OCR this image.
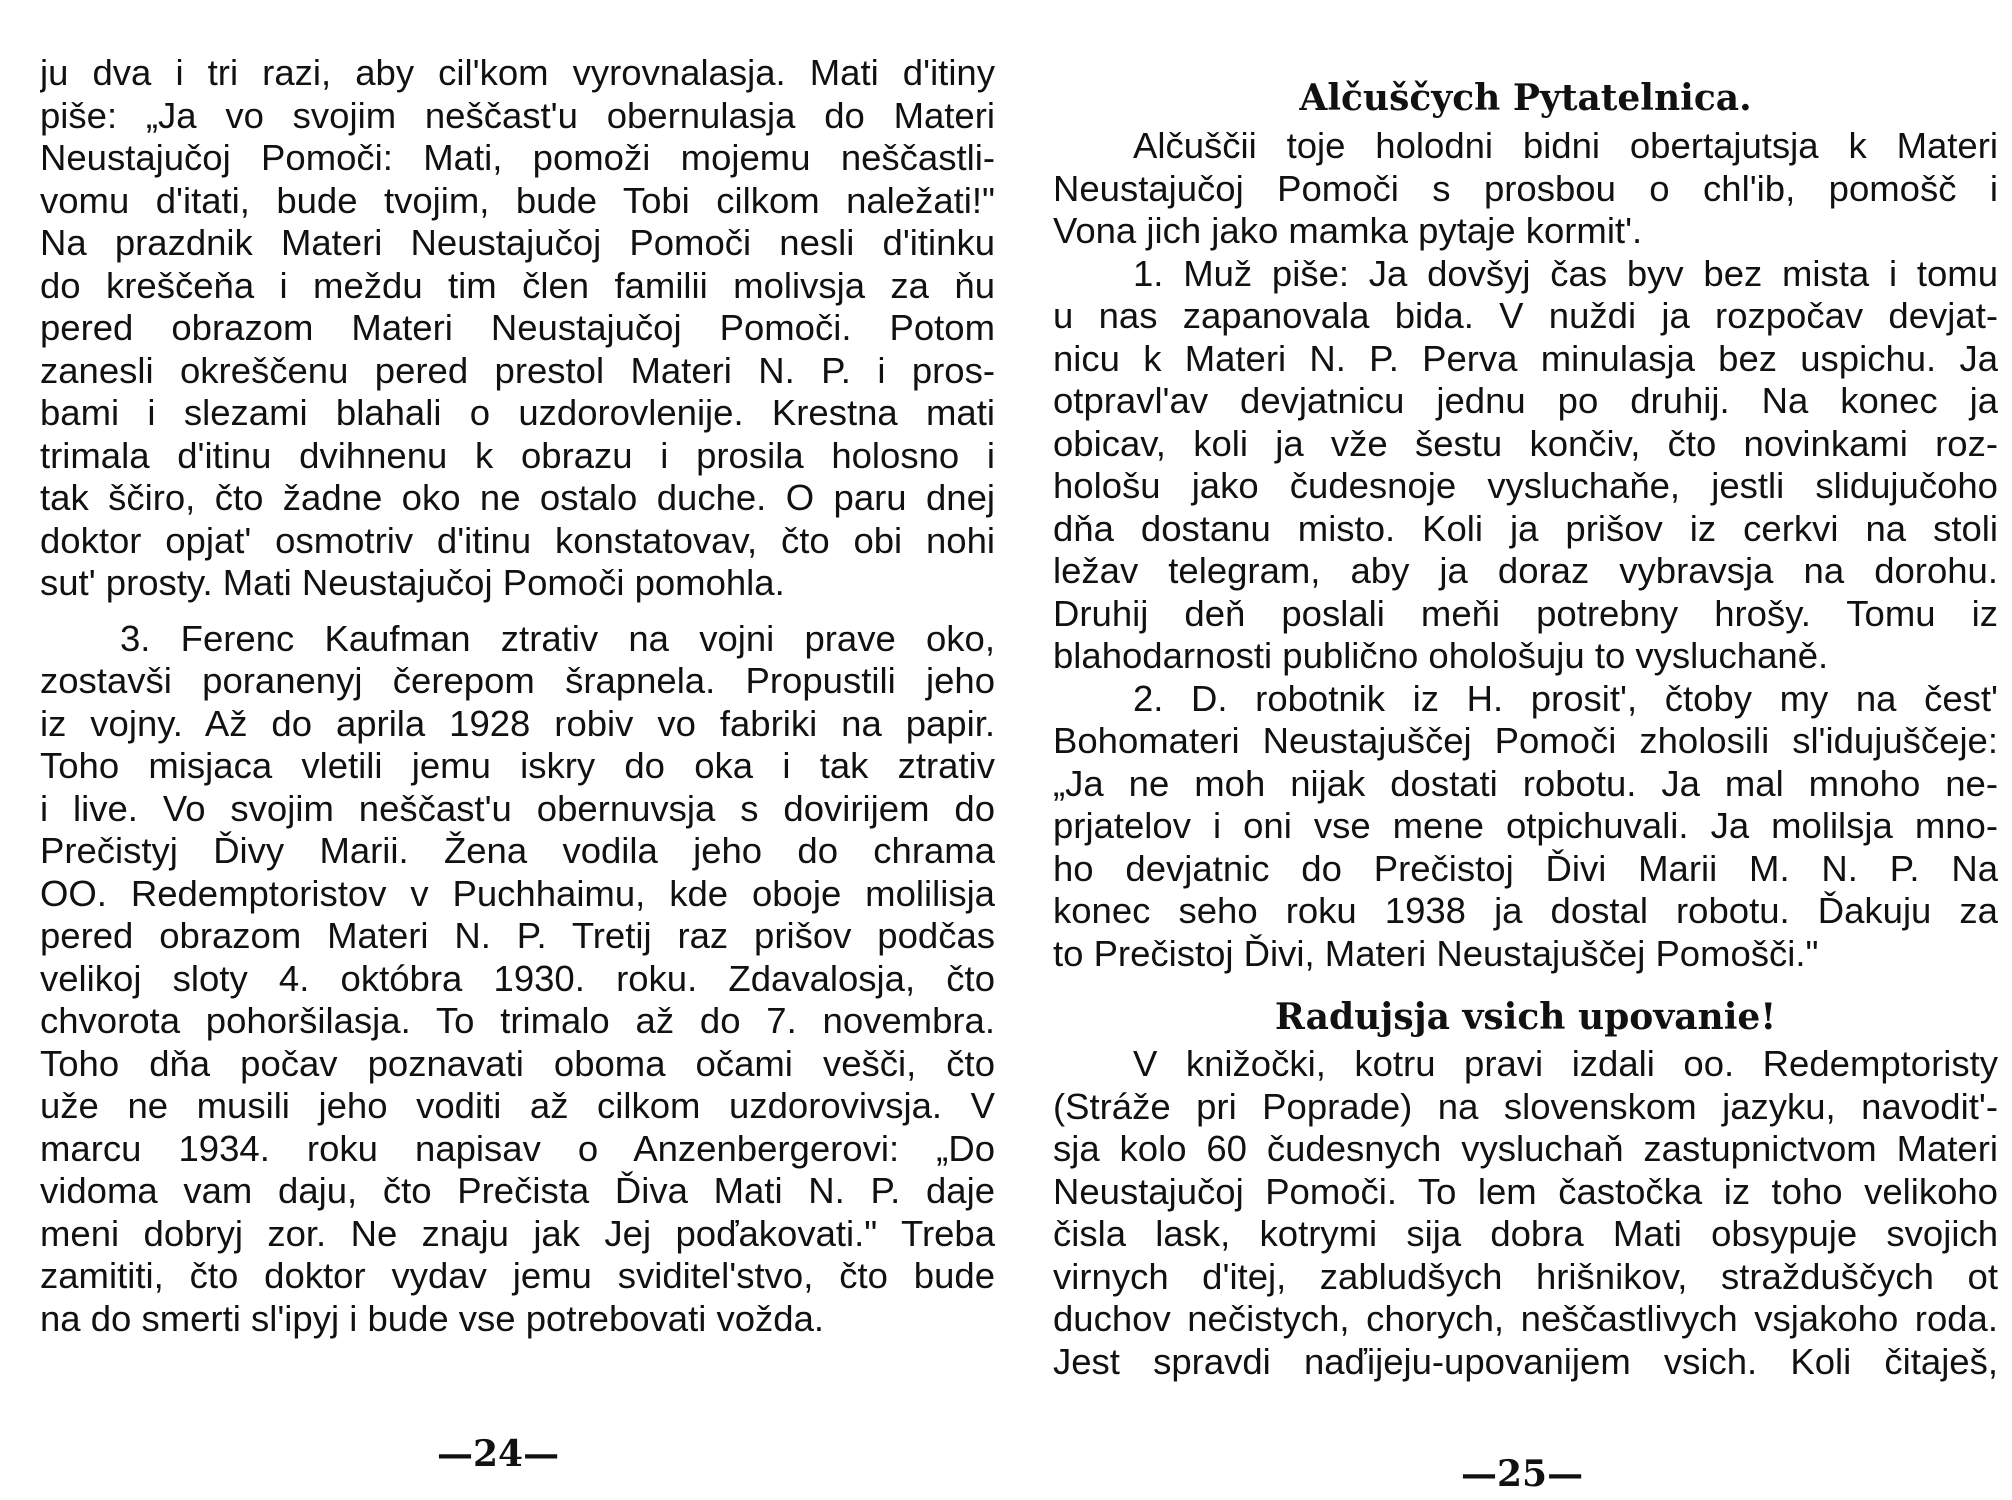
ju dva i tri razi, aby cil'kom vyrovnalasja. Mati d'itiny
piše: „Ja vo svojim neščast'u obernulasja do Materi
Neustajučoj Pomoči: Mati, pomoži mojemu neščastli-
vomu d'itati, bude tvojim, bude Tobi cilkom naležati!"
Na prazdnik Materi Neustajučoj Pomoči nesli d'itinku
do kreščeňa i meždu tim člen familii molivsja za ňu
pered obrazom Materi Neustajučoj Pomoči. Potom
zanesli okreščenu pered prestol Materi N. P. i pros-
bami i slezami blahali o uzdorovlenije. Krestna mati
trimala d'itinu dvihnenu k obrazu i prosila holosno i
tak ščiro, čto žadne oko ne ostalo duche. O paru dnej
doktor opjat' osmotriv d'itinu konstatovav, čto obi nohi
sut' prosty. Mati Neustajučoj Pomoči pomohla.
3. Ferenc Kaufman ztrativ na vojni prave oko,
zostavši poranenyj čerepom šrapnela. Propustili jeho
iz vojny. Až do aprila 1928 robiv vo fabriki na papir.
Toho misjaca vletili jemu iskry do oka i tak ztrativ
i live. Vo svojim neščast'u obernuvsja s dovirijem do
Prečistyj Ďivy Marii. Žena vodila jeho do chrama
OO. Redemptoristov v Puchhaimu, kde oboje molilisja
pered obrazom Materi N. P. Tretij raz prišov podčas
velikoj sloty 4. októbra 1930. roku. Zdavalosja, čto
chvorota pohoršilasja. To trimalo až do 7. novembra.
Toho dňa počav poznavati oboma očami vešči, čto
uže ne musili jeho voditi až cilkom uzdorovivsja. V
marcu 1934. roku napisav o Anzenbergerovi: „Do
vidoma vam daju, čto Prečista Ďiva Mati N. P. daje
meni dobryj zor. Ne znaju jak Jej poďakovati." Treba
zamititi, čto doktor vydav jemu sviditel'stvo, čto bude
na do smerti sl'ipyj i bude vse potrebovati vožda.
—24—
Alčuščych Pytatelnica.
Alčuščii toje holodni bidni obertajutsja k Materi
Neustajučoj Pomoči s prosbou o chl'ib, pomošč i
Vona jich jako mamka pytaje kormit'.
1. Muž piše: Ja dovšyj čas byv bez mista i tomu
u nas zapanovala bida. V nuždi ja rozpočav devjat-
nicu k Materi N. P. Perva minulasja bez uspichu. Ja
otpravl'av devjatnicu jednu po druhij. Na konec ja
obicav, koli ja vže šestu končiv, čto novinkami roz-
hološu jako čudesnoje vysluchaňe, jestli slidujučoho
dňa dostanu misto. Koli ja prišov iz cerkvi na stoli
ležav telegram, aby ja doraz vybravsja na dorohu.
Druhij deň poslali meňi potrebny hrošy. Tomu iz
blahodarnosti publično ohološuju to vysluchaně.
2. D. robotnik iz H. prosit', čtoby my na čest'
Bohomateri Neustajuščej Pomoči zholosili sl'idujuščeje:
„Ja ne moh nijak dostati robotu. Ja mal mnoho ne-
prjatelov i oni vse mene otpichuvali. Ja molilsja mno-
ho devjatnic do Prečistoj Ďivi Marii M. N. P. Na
konec seho roku 1938 ja dostal robotu. Ďakuju za
to Prečistoj Ďivi, Materi Neustajuščej Pomošči."
Radujsja vsich upovanie!
V knižočki, kotru pravi izdali oo. Redemptoristy
(Stráže pri Poprade) na slovenskom jazyku, navodit'-
sja kolo 60 čudesnych vysluchaň zastupnictvom Materi
Neustajučoj Pomoči. To lem častočka iz toho velikoho
čisla lask, kotrymi sija dobra Mati obsypuje svojich
virnych d'itej, zabludšych hrišnikov, stražduščych ot
duchov nečistych, chorych, neščastlivych vsjakoho roda.
Jest spravdi naďijeju-upovanijem vsich. Koli čitaješ,
—25—
